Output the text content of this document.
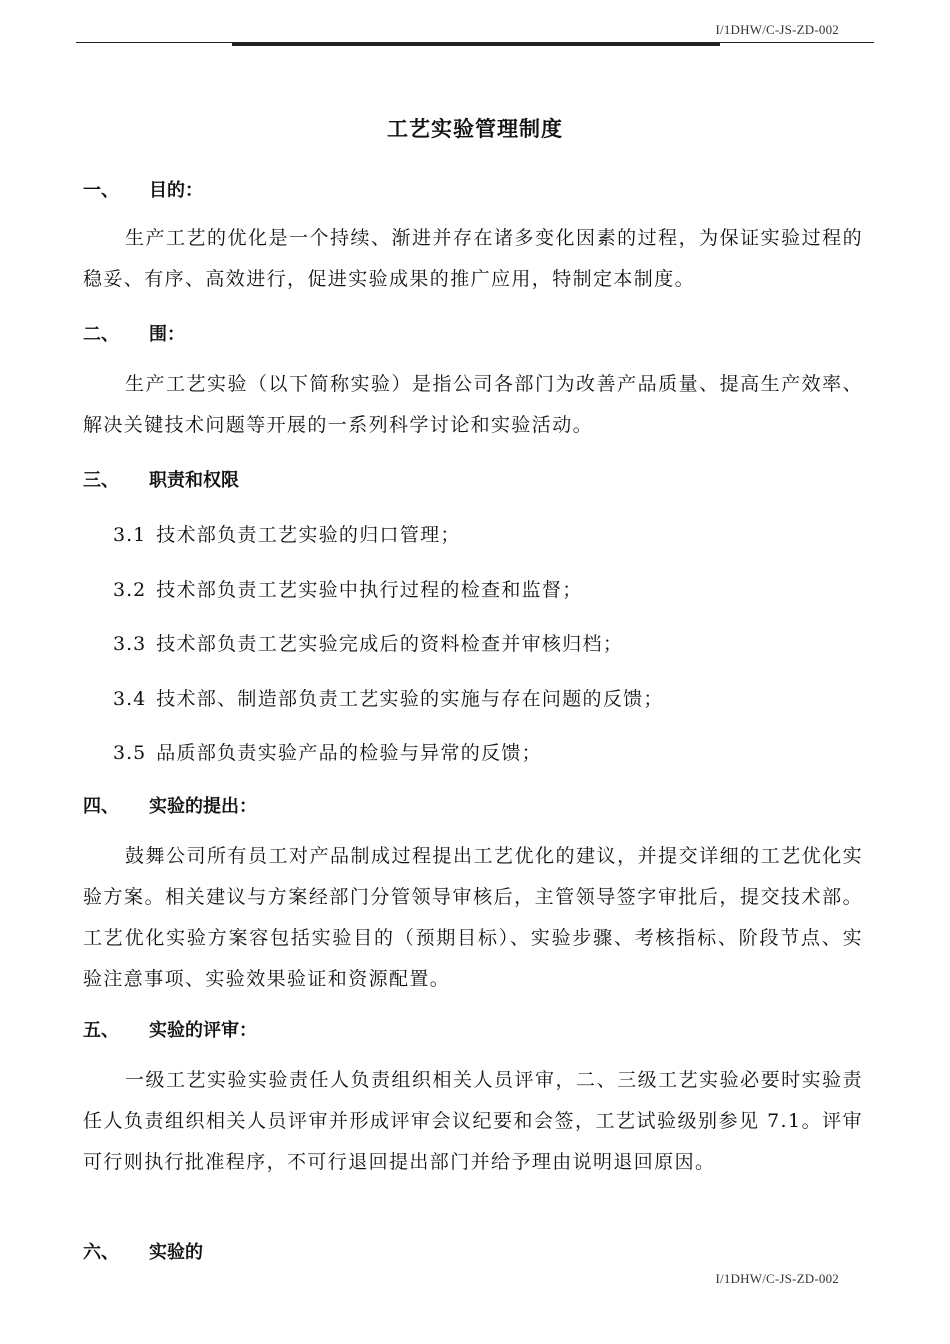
I/1DHW/C-JS-ZD-002
工艺实验管理制度
一、 目的：

生产工艺的优化是一个持续、渐进并存在诸多变化因素的过程，为保证实验过程的稳妥、有序、高效进行，促进实验成果的推广应用，特制定本制度。

二、 围：

生产工艺实验（以下简称实验）是指公司各部门为改善产品质量、提高生产效率、解决关键技术问题等开展的一系列科学讨论和实验活动。

三、 职责和权限
3.1 技术部负责工艺实验的归口管理；
3.2 技术部负责工艺实验中执行过程的检查和监督；
3.3 技术部负责工艺实验完成后的资料检查并审核归档；
3.4 技术部、制造部负责工艺实验的实施与存在问题的反馈；
3.5 品质部负责实验产品的检验与异常的反馈；
四、 实验的提出：

鼓舞公司所有员工对产品制成过程提出工艺优化的建议，并提交详细的工艺优化实验方案。相关建议与方案经部门分管领导审核后，主管领导签字审批后，提交技术部。工艺优化实验方案容包括实验目的（预期目标）、实验步骤、考核指标、阶段节点、实验注意事项、实验效果验证和资源配置。

五、 实验的评审：

一级工艺实验实验责任人负责组织相关人员评审，二、三级工艺实验必要时实验责任人负责组织相关人员评审并形成评审会议纪要和会签，工艺试验级别参见 7.1。评审可行则执行批准程序，不可行退回提出部门并给予理由说明退回原因。

六、 实验的
I/1DHW/C-JS-ZD-002
